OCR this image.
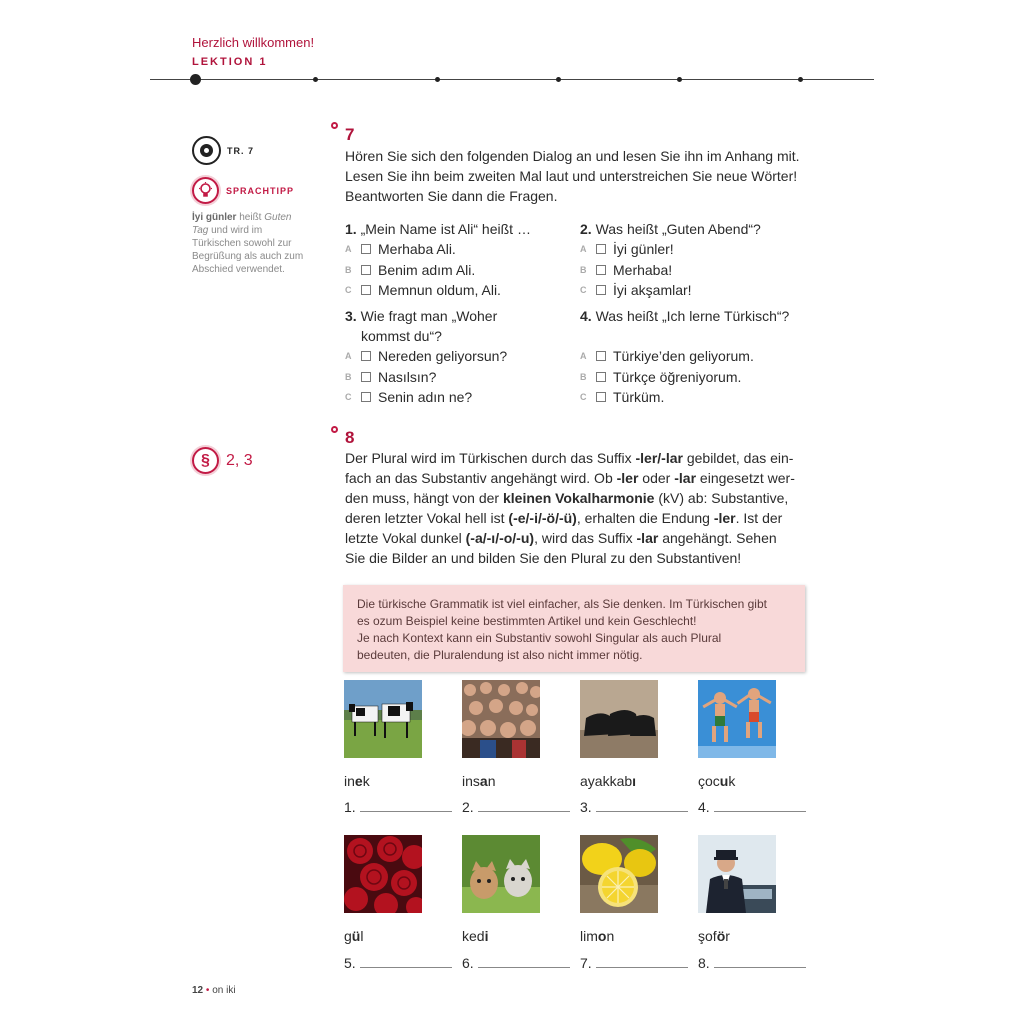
Herzlich willkommen!
LEKTION 1
TR. 7
SPRACHTIPP
İyi günler heißt Guten Tag und wird im Türkischen sowohl zur Begrüßung als auch zum Abschied verwendet.
§	2, 3
7
Hören Sie sich den folgenden Dialog an und lesen Sie ihn im Anhang mit. Lesen Sie ihn beim zweiten Mal laut und unterstreichen Sie neue Wörter! Beantworten Sie dann die Fragen.
1. „Mein Name ist Ali“ heißt …
A	Merhaba Ali.
B	Benim adım Ali.
C	Memnun oldum, Ali.
2. Was heißt „Guten Abend“?
A	İyi günler!
B	Merhaba!
C	İyi akşamlar!
3. Wie fragt man „Woher
kommst du“?
A	Nereden geliyorsun?
B	Nasılsın?
C	Senin adın ne?
4. Was heißt „Ich lerne Türkisch“?
A	Türkiye’den geliyorum.
B	Türkçe öğreniyorum.
C	Türküm.
8
Der Plural wird im Türkischen durch das Suffix -ler/-lar gebildet, das ein-
fach an das Substantiv angehängt wird. Ob -ler oder -lar eingesetzt wer-
den muss, hängt von der kleinen Vokalharmonie (kV) ab: Substantive,
deren letzter Vokal hell ist (-e/-i/-ö/-ü), erhalten die Endung -ler. Ist der
letzte Vokal dunkel (-a/-ı/-o/-u), wird das Suffix -lar angehängt. Sehen
Sie die Bilder an und bilden Sie den Plural zu den Substantiven!
Die türkische Grammatik ist viel einfacher, als Sie denken. Im Türkischen gibt
es ozum Beispiel keine bestimmten Artikel und kein Geschlecht!
Je nach Kontext kann ein Substantiv sowohl Singular als auch Plural
bedeuten, die Pluralendung ist also nicht immer nötig.
inek
1.
insan
2.
ayakkabı
3.
çocuk
4.
gül
5.
kedi
6.
limon
7.
şoför
8.
12 • on iki
